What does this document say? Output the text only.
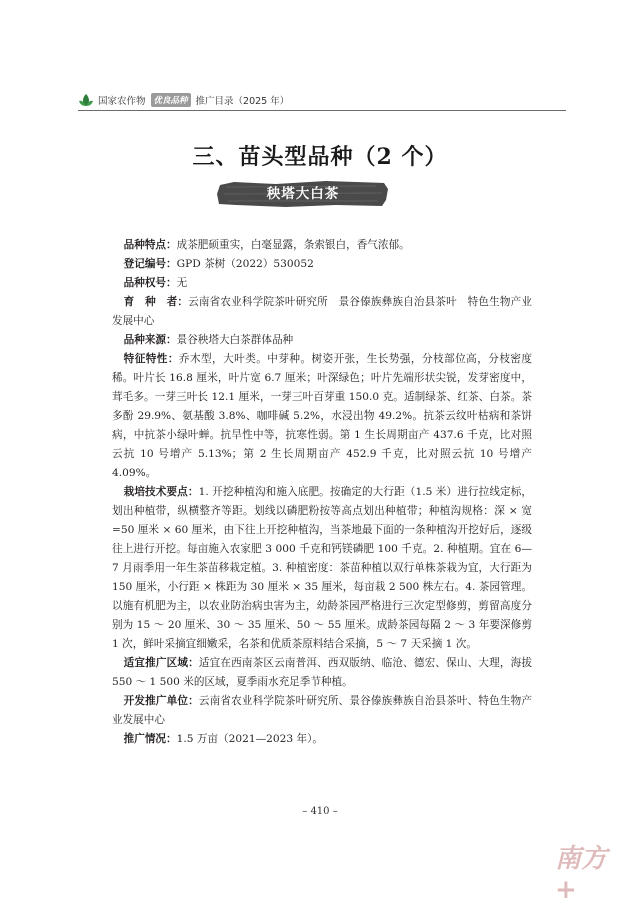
国家农作物 优良品种 推广目录（2025 年）
三、苗头型品种（2 个）
秧塔大白茶

品种特点：成茶肥硕重实，白毫显露，条索银白，香气浓郁。

登记编号：GPD 茶树（2022）530052

品种权号：无

育　种　者：云南省农业科学院茶叶研究所　景谷傣族彝族自治县茶叶　特色生物产业发展中心

品种来源：景谷秧塔大白茶群体品种

特征特性：乔木型，大叶类。中芽种。树姿开张，生长势强，分枝部位高，分枝密度稀。叶片长 16.8 厘米，叶片宽 6.7 厘米；叶深绿色；叶片先端形状尖锐，发芽密度中，茸毛多。一芽三叶长 12.1 厘米，一芽三叶百芽重 150.0 克。适制绿茶、红茶、白茶。茶多酚 29.9%、氨基酸 3.8%、咖啡碱 5.2%，水浸出物 49.2%。抗茶云纹叶枯病和茶饼病，中抗茶小绿叶蝉。抗旱性中等，抗寒性弱。第 1 生长周期亩产 437.6 千克，比对照云抗 10 号增产 5.13%；第 2 生长周期亩产 452.9 千克，比对照云抗 10 号增产 4.09%。

栽培技术要点：1. 开挖种植沟和施入底肥。按确定的大行距（1.5 米）进行拉线定标，划出种植带，纵横整齐等距。划线以磷肥粉按等高点划出种植带；种植沟规格：深 × 宽 =50 厘米 × 60 厘米，由下往上开挖种植沟，当茶地最下面的一条种植沟开挖好后，逐级往上进行开挖。每亩施入农家肥 3 000 千克和钙镁磷肥 100 千克。2. 种植期。宜在 6—7 月雨季用一年生茶苗移栽定植。3. 种植密度：茶苗种植以双行单株茶栽为宜，大行距为 150 厘米，小行距 × 株距为 30 厘米 × 35 厘米，每亩栽 2 500 株左右。4. 茶园管理。以施有机肥为主，以农业防治病虫害为主，幼龄茶园严格进行三次定型修剪，剪留高度分别为 15 ～ 20 厘米、30 ～ 35 厘米、50 ～ 55 厘米。成龄茶园每隔 2 ～ 3 年要深修剪 1 次，鲜叶采摘宜细嫩采，名茶和优质茶原料结合采摘，5 ～ 7 天采摘 1 次。

适宜推广区域：适宜在西南茶区云南普洱、西双版纳、临沧、德宏、保山、大理，海拔 550 ～ 1 500 米的区域，夏季雨水充足季节种植。

开发推广单位：云南省农业科学院茶叶研究所、景谷傣族彝族自治县茶叶、特色生物产业发展中心

推广情况：1.5 万亩（2021—2023 年）。

– 410 –
南方+
